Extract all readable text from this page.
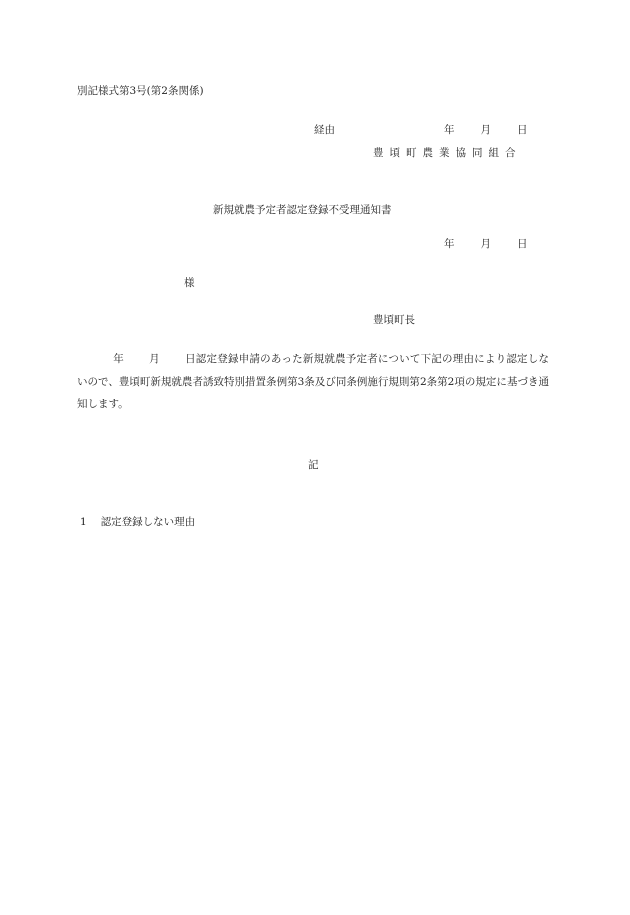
別記様式第3号(第2条関係)
経由	年 月 日
豊頃町農業協同組合
新規就農予定者認定登録不受理通知書
年 月 日
様
豊頃町長
年 月 日認定登録申請のあった新規就農予定者について下記の理由により認定しないので、豊頃町新規就農者誘致特別措置条例第3条及び同条例施行規則第2条第2項の規定に基づき通知します。
記
1 認定登録しない理由
